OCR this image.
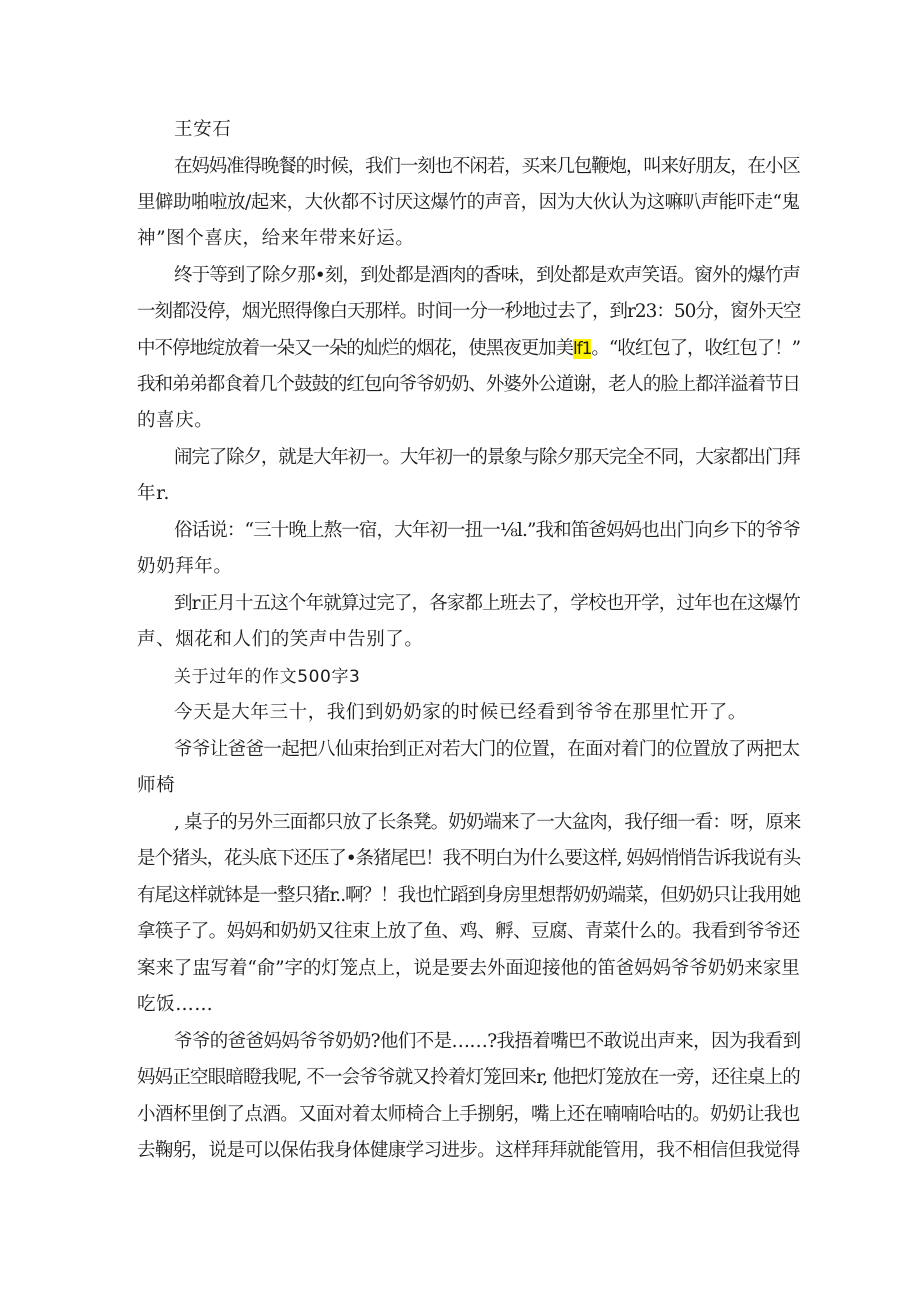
王安石
在妈妈准得晚餐的时候，我们一刻也不闲若，买来几包鞭炮，叫来好朋友，在小区
里僻助啪啦放/起来，大伙都不讨厌这爆竹的声音，因为大伙认为这嘛叭声能吓走“鬼
神”图个喜庆，给来年带来好运。
终于等到了除夕那•刻，到处都是酒肉的香味，到处都是欢声笑语。窗外的爆竹声
一刻都没停，烟光照得像白天那样。时间一分一秒地过去了，到r23：50分，窗外天空
中不停地绽放着一朵又一朵的灿烂的烟花，使黑夜更加美lf1。“收红包了，收红包了！”
我和弟弟都食着几个鼓鼓的红包向爷爷奶奶、外婆外公道谢，老人的脸上都洋溢着节日
的喜庆。
闹完了除夕，就是大年初一。大年初一的景象与除夕那天完全不同，大家都出门拜
年r.
俗话说：“三十晚上熬一宿，大年初一扭一⅛l.”我和笛爸妈妈也出门向乡下的爷爷
奶奶拜年。
到r正月十五这个年就算过完了，各家都上班去了，学校也开学，过年也在这爆竹
声、烟花和人们的笑声中告别了。
关于过年的作文500字3
今天是大年三十，我们到奶奶家的时候已经看到爷爷在那里忙开了。
爷爷让爸爸一起把八仙束抬到正对若大门的位置，在面对着门的位置放了两把太
师椅
, 桌子的另外三面都只放了长条凳。奶奶端来了一大盆肉，我仔细一看：呀，原来
是个猪头，花头底下还压了•条猪尾巴！我不明白为什么要这样, 妈妈悄悄告诉我说有头
有尾这样就钵是一整只猪r..啊？！我也忙蹈到身房里想帮奶奶端菜，但奶奶只让我用她
拿筷子了。妈妈和奶奶又往束上放了鱼、鸡、孵、豆腐、青菜什么的。我看到爷爷还
案来了盅写着“俞”字的灯笼点上，说是要去外面迎接他的笛爸妈妈爷爷奶奶来家里
吃饭……
爷爷的爸爸妈妈爷爷奶奶?他们不是……?我捂着嘴巴不敢说出声来，因为我看到
妈妈正空眼暗瞪我呢, 不一会爷爷就又拎着灯笼回来r, 他把灯笼放在一旁，还往桌上的
小酒杯里倒了点酒。又面对着太师椅合上手捌躬，嘴上还在喃喃哈咕的。奶奶让我也
去鞠躬，说是可以保佑我身体健康学习进步。这样拜拜就能管用，我不相信但我觉得
